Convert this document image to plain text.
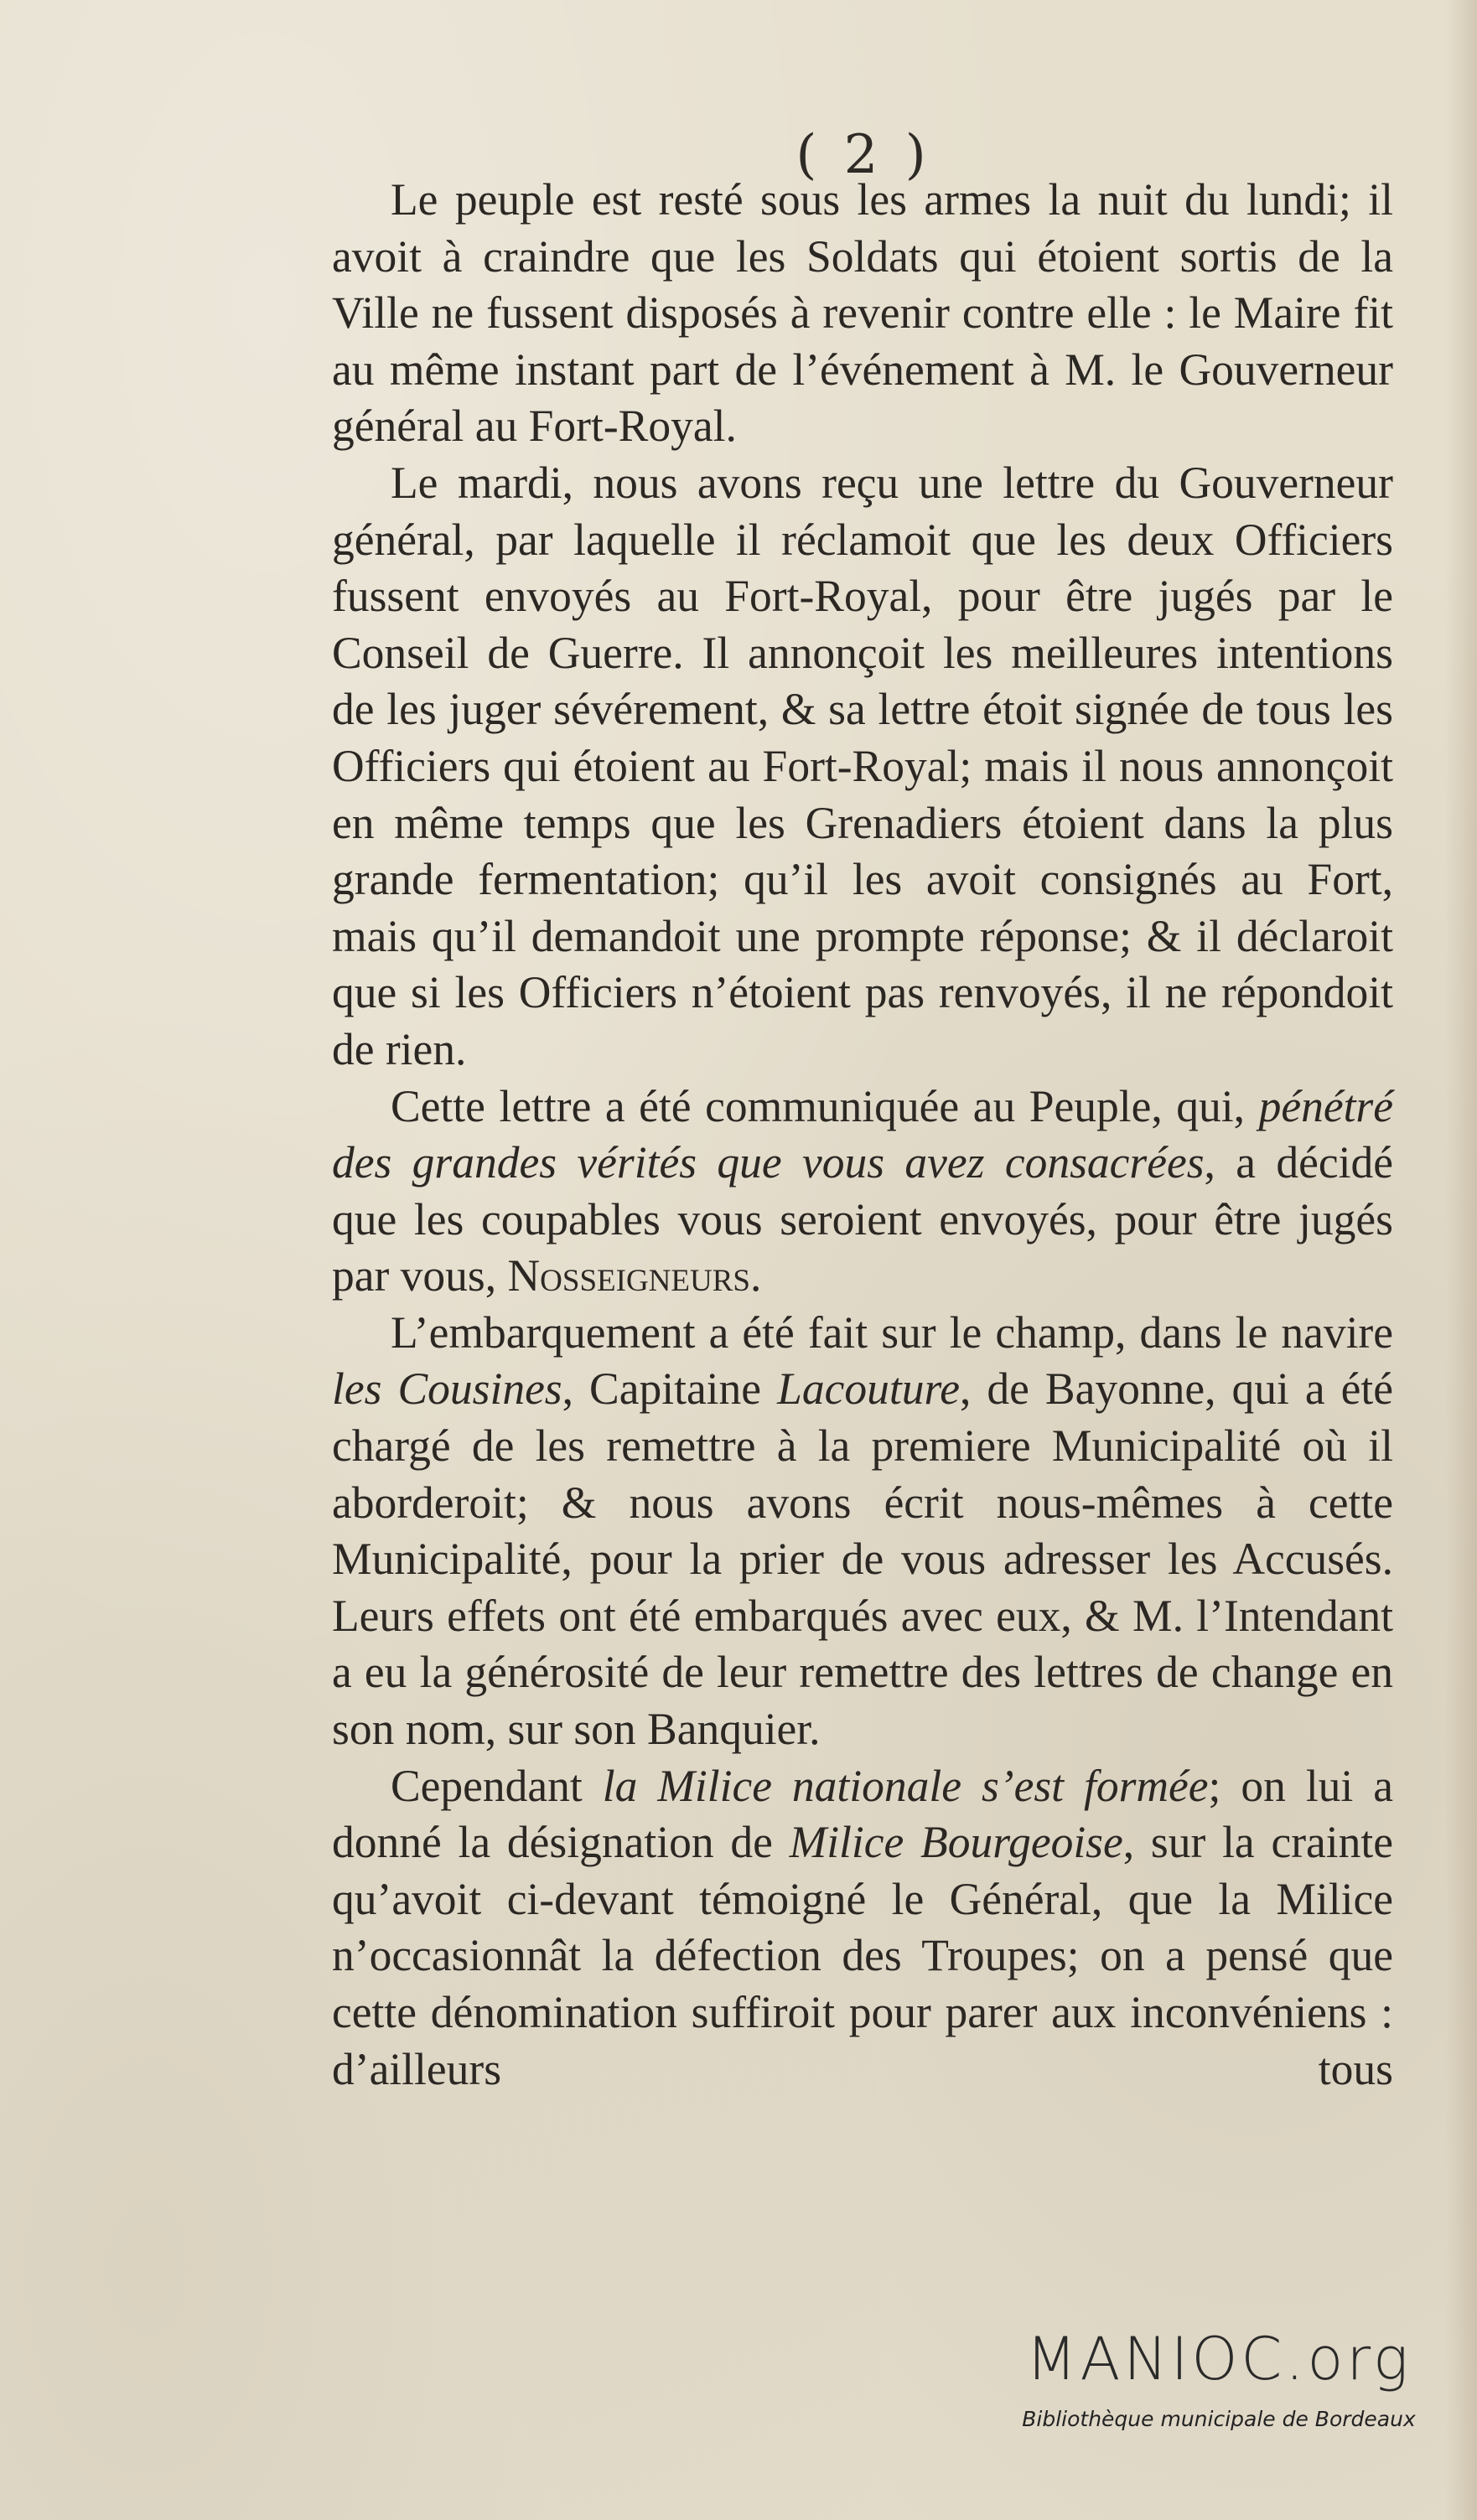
( 2 )

Le peuple est resté sous les armes la nuit du lundi; il avoit à craindre que les Soldats qui étoient sortis de la Ville ne fussent disposés à revenir contre elle : le Maire fit au même instant part de l’événement à M. le Gouverneur général au Fort-Royal.

Le mardi, nous avons reçu une lettre du Gouverneur général, par laquelle il réclamoit que les deux Officiers fussent envoyés au Fort-Royal, pour être jugés par le Conseil de Guerre. Il annonçoit les meilleures intentions de les juger sévérement, & sa lettre étoit signée de tous les Officiers qui étoient au Fort-Royal; mais il nous annonçoit en même temps que les Grenadiers étoient dans la plus grande fermentation; qu’il les avoit consignés au Fort, mais qu’il demandoit une prompte réponse; & il déclaroit que si les Officiers n’étoient pas renvoyés, il ne répondoit de rien.

Cette lettre a été communiquée au Peuple, qui, pénétré des grandes vérités que vous avez consacrées, a décidé que les coupables vous seroient envoyés, pour être jugés par vous, Nosseigneurs.

L’embarquement a été fait sur le champ, dans le navire les Cousines, Capitaine Lacouture, de Bayonne, qui a été chargé de les remettre à la premiere Municipalité où il aborderoit; & nous avons écrit nous-mêmes à cette Municipalité, pour la prier de vous adresser les Accusés. Leurs effets ont été embarqués avec eux, & M. l’Intendant a eu la générosité de leur remettre des lettres de change en son nom, sur son Banquier.

Cependant la Milice nationale s’est formée; on lui a donné la désignation de Milice Bourgeoise, sur la crainte qu’avoit ci-devant témoigné le Général, que la Milice n’occasionnât la défection des Troupes; on a pensé que cette dénomination suffiroit pour parer aux inconvéniens : d’ailleurs tous

MANIOC.org
Bibliothèque municipale de Bordeaux
